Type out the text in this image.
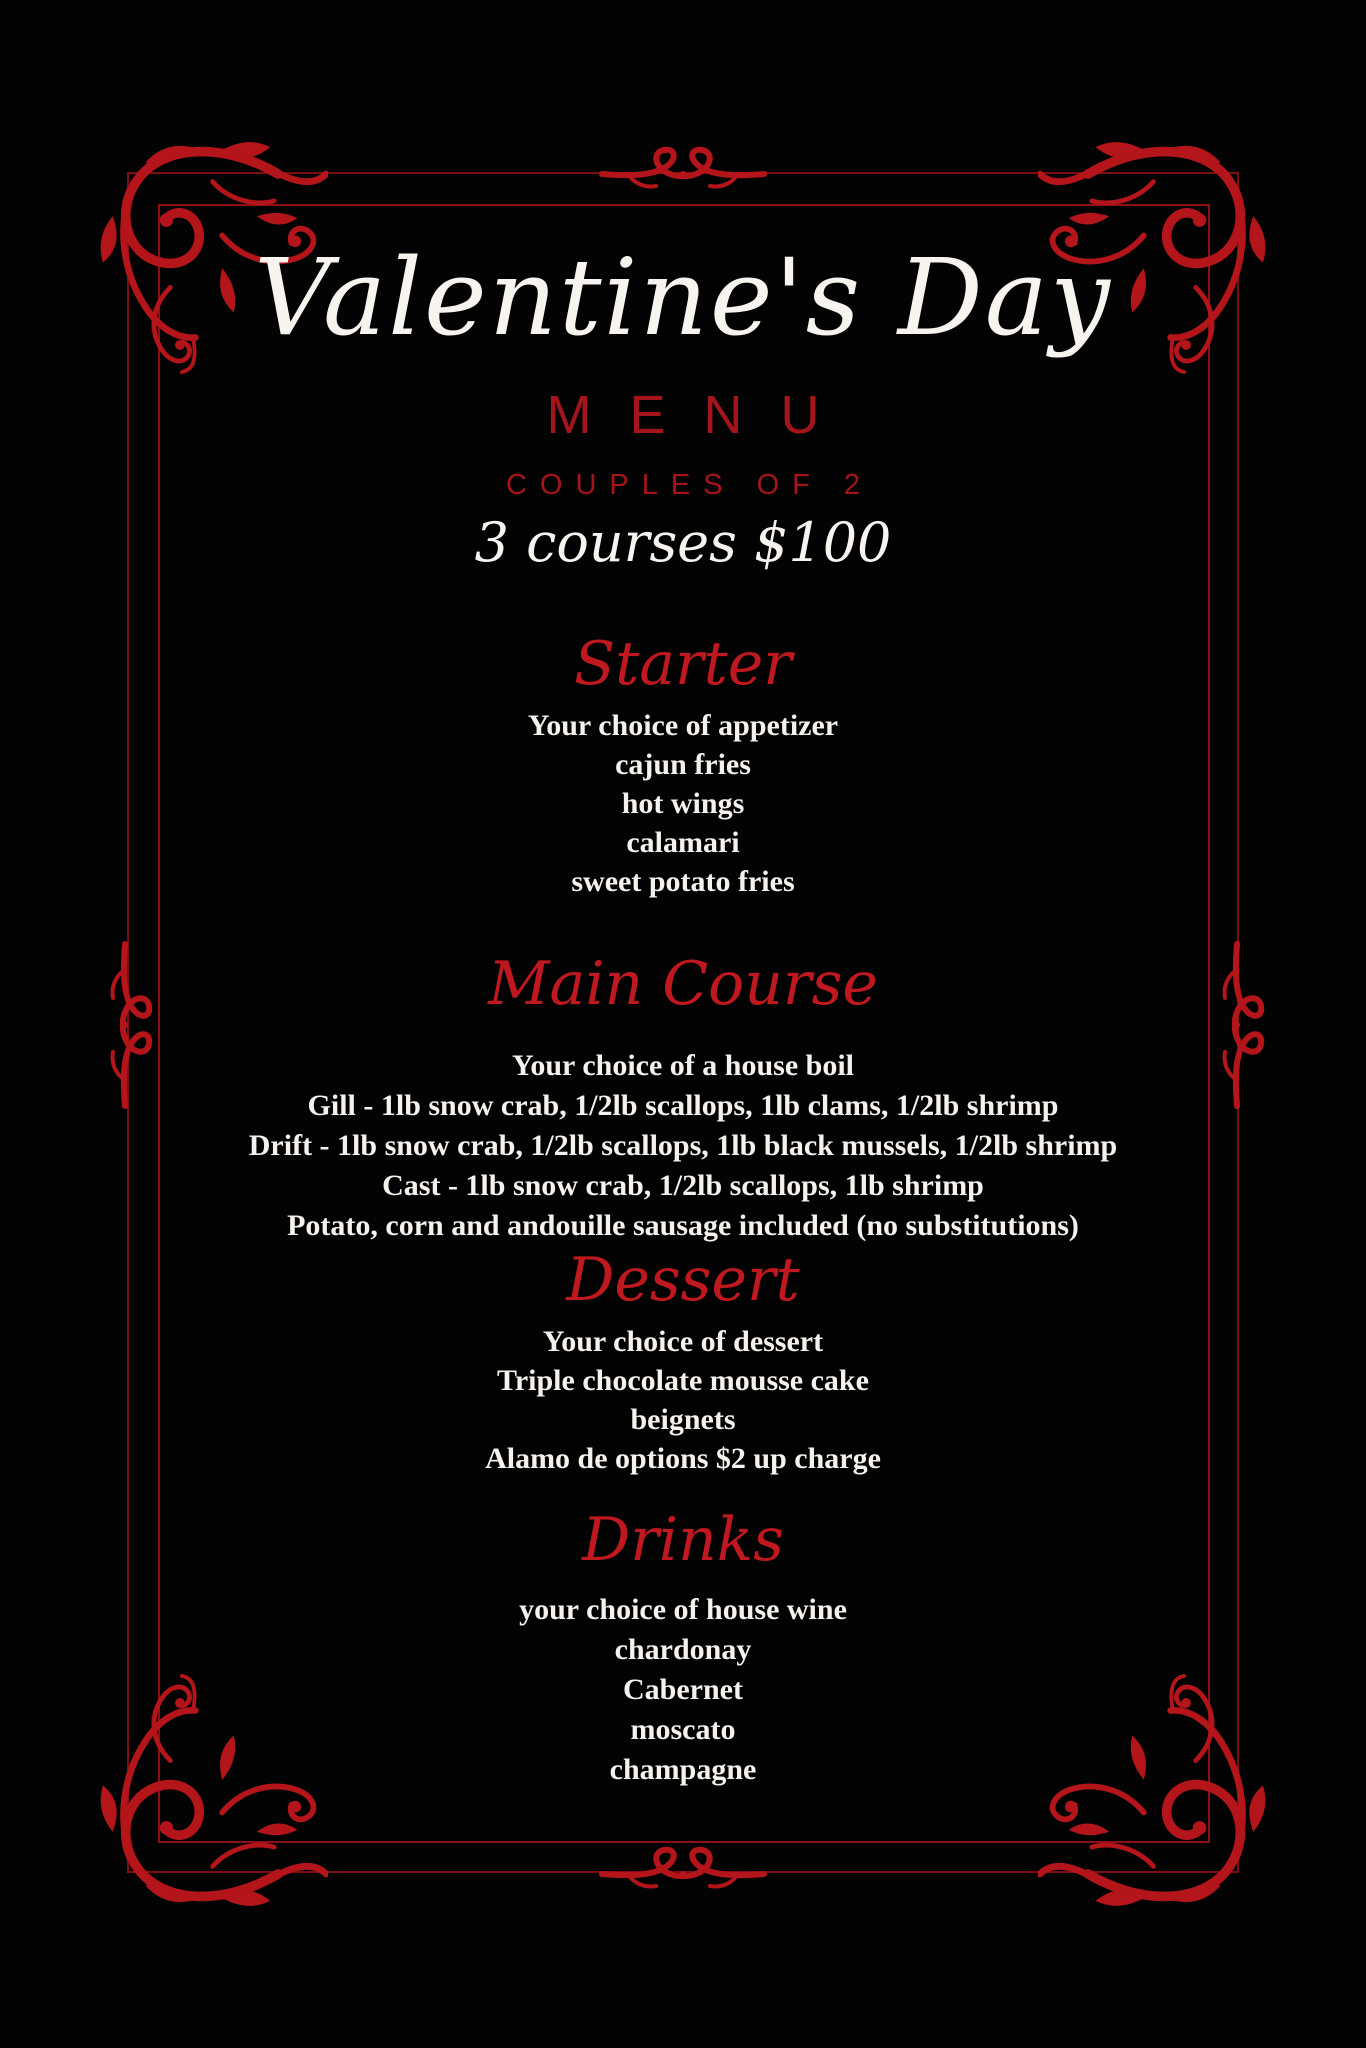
Valentine's Day
MENU
COUPLES OF 2
3 courses $100
Starter

Your choice of appetizer

cajun fries

hot wings

calamari

sweet potato fries

Main Course

Your choice of a house boil

Gill - 1lb snow crab, 1/2lb scallops, 1lb clams, 1/2lb shrimp

Drift - 1lb snow crab, 1/2lb scallops, 1lb black mussels, 1/2lb shrimp

Cast - 1lb snow crab, 1/2lb scallops, 1lb shrimp

Potato, corn and andouille sausage included (no substitutions)

Dessert

Your choice of dessert

Triple chocolate mousse cake

beignets

Alamo de options $2 up charge

Drinks

your choice of house wine

chardonay

Cabernet

moscato

champagne
